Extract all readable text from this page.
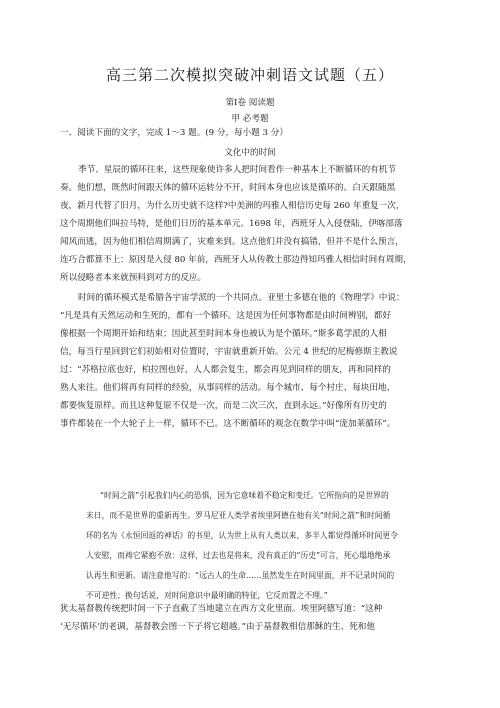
高三第二次模拟突破冲刺语文试题（五）
第Ⅰ卷 阅读题
甲 必考题
一、阅读下面的文字，完成 1～3 题。(9 分，每小题 3 分）
文化中的时间
季节、星辰的循环往来，这些现象使许多人把时间看作一种基本上不断循环的有机节
奏。他们想，既然时间跟天体的循环运转分不开，时间本身也应该是循环的。白天跟随黑
夜，新月代替了旧月，为什么历史就不这样?中美洲的玛雅人相信历史每 260 年重复一次，
这个周期他们叫拉马特，是他们日历的基本单元。1698 年，西班牙人入侵登陆，伊喀部落
闻风而逃，因为他们相信周期满了，灾难来到。这点他们并没有搞错，但并不是什么预言，
连巧合都算不上：原因是入侵 80 年前，西班牙人从传教士那边得知玛雅人相信时间有周期，
所以侵略者本来就预料到对方的反应。
时间的循环模式是希腊各宇宙学派的一个共同点。亚里士多德在他的《物理学》中说：
“凡是具有天然运动和生死的，都有一个循环。这是因为任何事物都是由时间辨别，都好
像根据一个周期开始和结束；因此甚至时间本身也被认为是个循环。”斯多葛学派的人相
信，每当行星回到它们初始相对位置时，宇宙就重新开始。公元 4 世纪的尼梅修斯主教说
过：“苏格拉底也好，柏拉图也好，人人都会复生，都会再见到同样的朋友，再和同样的
熟人来往。他们将再有同样的经验，从事同样的活动。每个城市、每个村庄、每块田地、
都要恢复原样。而且这种复原不仅是一次，而是二次三次，直到永远。”好像所有历史的
事件都装在一个大轮子上一样，循环不已。这不断循环的观念在数学中叫“庞加莱循环”。
“时间之箭”引起我们内心的恐惧，因为它意味着不稳定和变迁。它所指向的是世界的
末日，而不是世界的重新再生。罗马尼亚人类学者埃里阿德在他有关“时间之箭”和时间循
环的名为《永恒回返的神话》的书里，认为世上从有人类以来，多半人都觉得循环时间更令
人安慰，而祷它紧抱不放：这样，过去也是将来，没有真正的“历史”可言，死心塌地绝承
认再生和更新。请注意他写的：“远古人的生命……虽然发生在时间里面，并不记录时间的
不可逆性；换句话说，对时间意识中最明确的特征，它反而置之不理。”
犹太基督教传统把时间一下子直截了当地建立在西方文化里面。埃里阿德写道：“这种
‘无尽循环’的老调，基督教会图一下子将它超越。”由于基督教相信那稣的生、死和他
